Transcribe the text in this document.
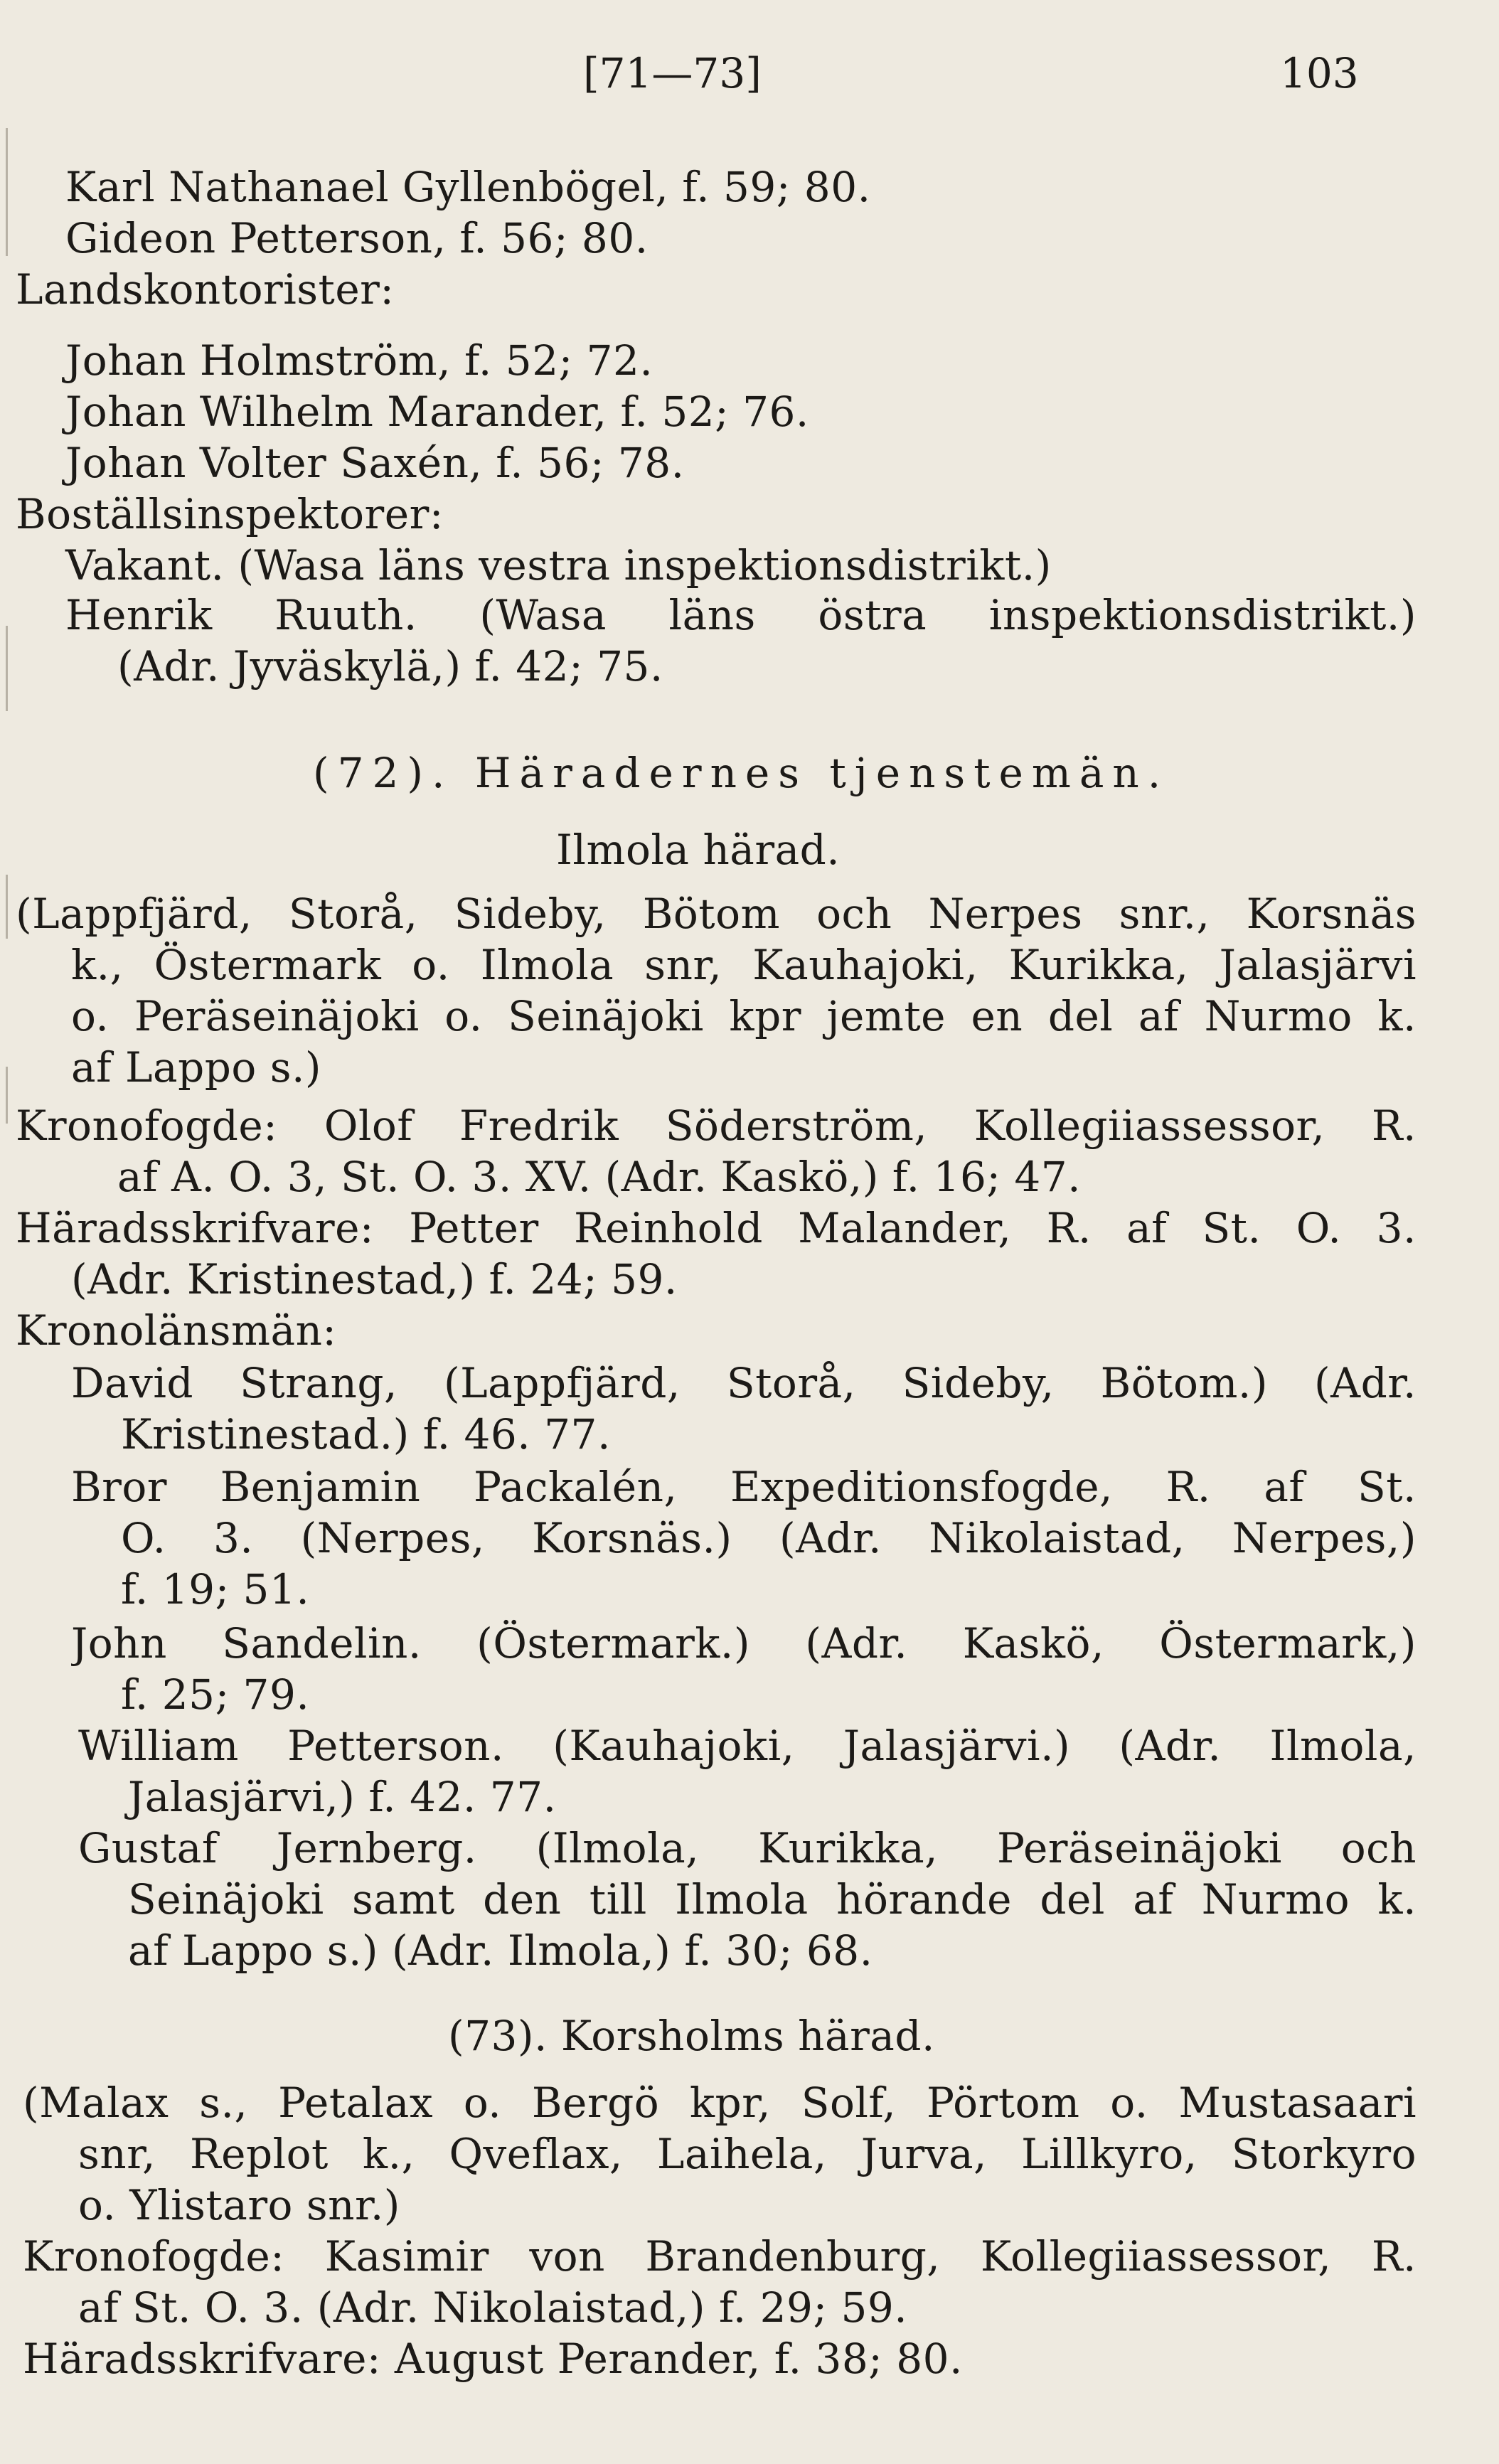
[71—73]	103
Karl Nathanael Gyllenbögel, f. 59; 80.
Gideon Petterson, f. 56; 80.
Landskontorister:
Johan Holmström, f. 52; 72.
Johan Wilhelm Marander, f. 52; 76.
Johan Volter Saxén, f. 56; 78.
Boställsinspektorer:
Vakant. (Wasa läns vestra inspektionsdistrikt.)
Henrik Ruuth. (Wasa läns östra inspektionsdistrikt.)
(Adr. Jyväskylä,) f. 42; 75.
(72). Häradernes tjenstemän.
Ilmola härad.
(Lappfjärd, Storå, Sideby, Bötom och Nerpes snr., Korsnäs
k., Östermark o. Ilmola snr, Kauhajoki, Kurikka, Jalasjärvi
o. Peräseinäjoki o. Seinäjoki kpr jemte en del af Nurmo k.
af Lappo s.)
Kronofogde: Olof Fredrik Söderström, Kollegiiassessor, R.
af A. O. 3, St. O. 3. XV. (Adr. Kaskö,) f. 16; 47.
Häradsskrifvare: Petter Reinhold Malander, R. af St. O. 3.
(Adr. Kristinestad,) f. 24; 59.
Kronolänsmän:
David Strang, (Lappfjärd, Storå, Sideby, Bötom.) (Adr.
Kristinestad.) f. 46. 77.
Bror Benjamin Packalén, Expeditionsfogde, R. af St.
O. 3. (Nerpes, Korsnäs.) (Adr. Nikolaistad, Nerpes,)
f. 19; 51.
John Sandelin. (Östermark.) (Adr. Kaskö, Östermark,)
f. 25; 79.
William Petterson. (Kauhajoki, Jalasjärvi.) (Adr. Ilmola,
Jalasjärvi,) f. 42. 77.
Gustaf Jernberg. (Ilmola, Kurikka, Peräseinäjoki och
Seinäjoki samt den till Ilmola hörande del af Nurmo k.
af Lappo s.) (Adr. Ilmola,) f. 30; 68.
(73). Korsholms härad.
(Malax s., Petalax o. Bergö kpr, Solf, Pörtom o. Mustasaari
snr, Replot k., Qveflax, Laihela, Jurva, Lillkyro, Storkyro
o. Ylistaro snr.)
Kronofogde: Kasimir von Brandenburg, Kollegiiassessor, R.
af St. O. 3. (Adr. Nikolaistad,) f. 29; 59.
Häradsskrifvare: August Perander, f. 38; 80.
